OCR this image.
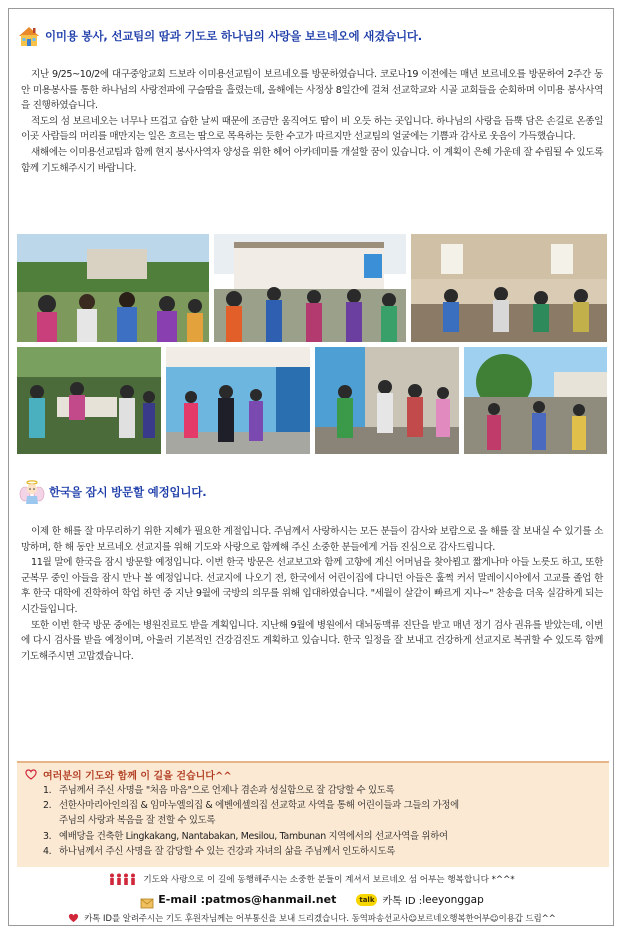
이미용 봉사, 선교팀의 땀과 기도로 하나님의 사랑을 보르네오에 새겼습니다.

지난 9/25~10/2에 대구중앙교회 드보라 이미용선교팀이 보르네오를 방문하였습니다. 코로나19 이전에는 매년 보르네오를 방문하여 2주간 동안 미용봉사를 통한 하나님의 사랑전파에 구슬땀을 흘렸는데, 올해에는 사정상 8일간에 걸쳐 선교학교와 시골 교회들을 순회하며 이미용 봉사사역을 진행하였습니다.

적도의 섬 보르네오는 너무나 뜨겁고 습한 날씨 때문에 조금만 움직여도 땀이 비 오듯 하는 곳입니다. 하나님의 사랑을 듬뿍 담은 손길로 온종일 이곳 사람들의 머리를 매만지는 일은 흐르는 땀으로 목욕하는 듯한 수고가 따르지만 선교팀의 얼굴에는 기쁨과 감사로 웃음이 가득했습니다.

새해에는 이미용선교팀과 함께 현지 봉사사역자 양성을 위한 헤어 아카데미를 개설할 꿈이 있습니다. 이 계획이 은혜 가운데 잘 수립될 수 있도록 함께 기도해주시기 바랍니다.

한국을 잠시 방문할 예정입니다.

이제 한 해를 잘 마무리하기 위한 지혜가 필요한 계절입니다. 주님께서 사랑하시는 모든 분들이 감사와 보람으로 올 해를 잘 보내실 수 있기를 소망하며, 한 해 동안 보르네오 선교지를 위해 기도와 사랑으로 함께해 주신 소중한 분들에게 거듭 진심으로 감사드립니다.

11월 말에 한국을 잠시 방문할 예정입니다. 이번 한국 방문은 선교보고와 함께 고향에 계신 어머님을 찾아뵙고 짧게나마 아들 노릇도 하고, 또한 군복무 중인 아들을 잠시 만나 볼 예정입니다. 선교지에 나오기 전, 한국에서 어린이집에 다니던 아들은 훌쩍 커서 말레이시아에서 고교를 졸업 한 후 한국 대학에 진학하여 학업 하던 중 지난 9월에 국방의 의무를 위해 입대하였습니다. "세월이 살같이 빠르게 지나~" 찬송을 더욱 실감하게 되는 시간들입니다.

또한 이번 한국 방문 중에는 병원진료도 받을 계획입니다. 지난해 9월에 병원에서 대뇌동맥류 진단을 받고 매년 정기 검사 권유를 받았는데, 이번에 다시 검사를 받을 예정이며, 아울러 기본적인 건강검진도 계획하고 있습니다. 한국 일정을 잘 보내고 건강하게 선교지로 복귀할 수 있도록 함께 기도해주시면 고맙겠습니다.

여러분의 기도와 함께 이 길을 걷습니다^^
1. 주님께서 주신 사명을 "처음 마음"으로 언제나 겸손과 성실함으로 잘 감당할 수 있도록
2. 선한사마리아인의집 & 임마누엘의집 & 에벤에셀의집 선교학교 사역을 통해 어린이들과 그들의 가정에
주님의 사랑과 복음을 잘 전할 수 있도록
3. 예배당을 건축한 Lingkakang, Nantabakan, Mesilou, Tambunan 지역에서의 선교사역을 위하여
4. 하나님께서 주신 사명을 잘 감당할 수 있는 건강과 자녀의 삶을 주님께서 인도하시도록
기도와 사랑으로 이 길에 동행해주시는 소중한 분들이 계셔서 보르네오 섬 어부는 행복합니다 *^^*
E-mail : patmos@hanmail.net	talk 카톡 ID : leeyonggap
카톡 ID를 알려주시는 기도 후원자님께는 어부통신을 보내 드리겠습니다. 동역파송선교사☺보르네오행복한어부☺이용갑 드림^^
